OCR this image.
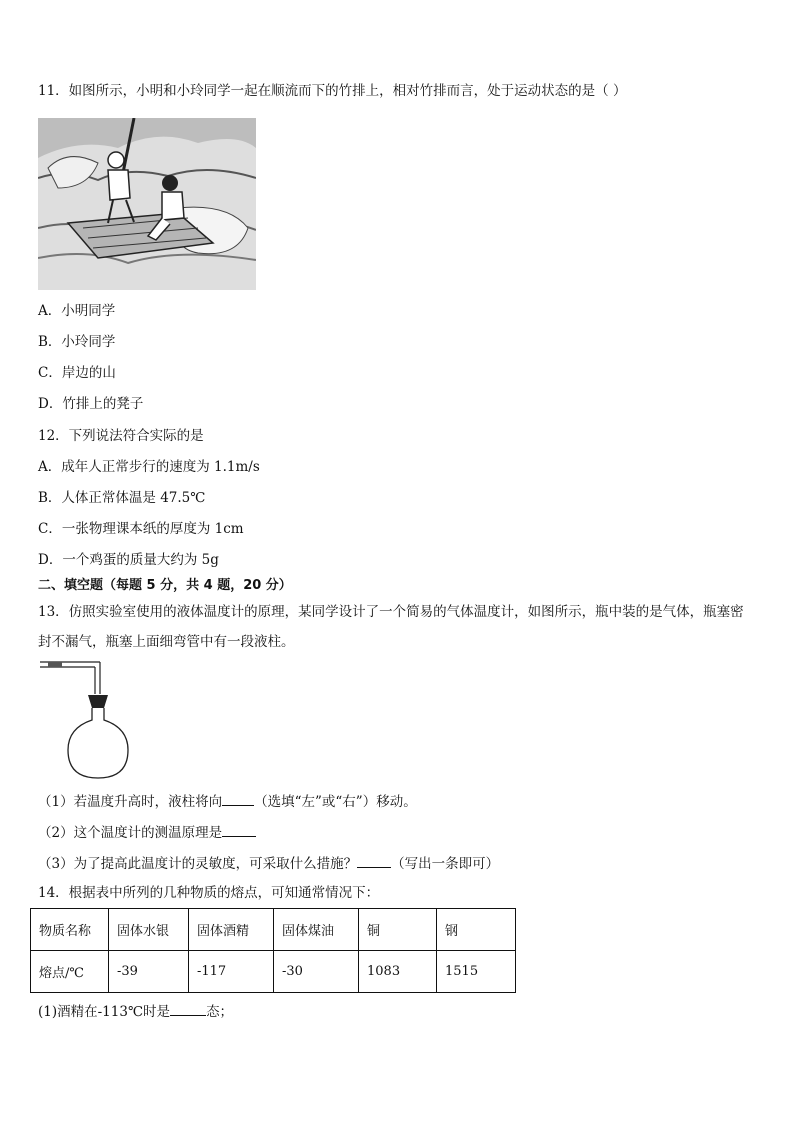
11．如图所示，小明和小玲同学一起在顺流而下的竹排上，相对竹排而言，处于运动状态的是（ ）
A．小明同学
B．小玲同学
C．岸边的山
D．竹排上的凳子
12．下列说法符合实际的是
A．成年人正常步行的速度为 1.1m/s
B．人体正常体温是 47.5℃
C．一张物理课本纸的厚度为 1cm
D．一个鸡蛋的质量大约为 5g
二、填空题（每题 5 分，共 4 题，20 分）
13．仿照实验室使用的液体温度计的原理，某同学设计了一个简易的气体温度计，如图所示，瓶中装的是气体，瓶塞密封不漏气，瓶塞上面细弯管中有一段液柱。
（1）若温度升高时，液柱将向 （选填“左”或“右”）移动。
（2）这个温度计的测温原理是
（3）为了提高此温度计的灵敏度，可采取什么措施？	（写出一条即可）
14．根据表中所列的几种物质的熔点，可知通常情况下：
物质名称	固体水银	固体酒精	固体煤油	铜	钢
熔点/℃	-39	-117	-30	1083	1515
(1)酒精在-113℃时是	态；
